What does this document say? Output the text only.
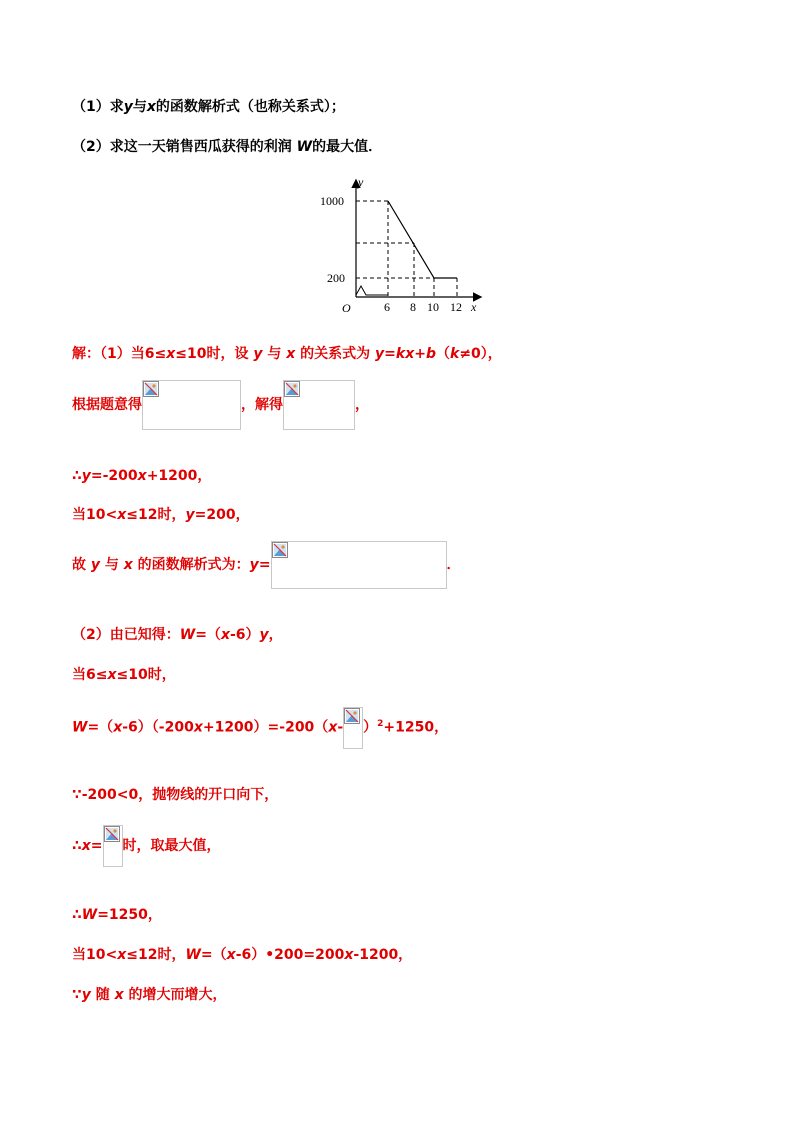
（1）求y与x的函数解析式（也称关系式）；
（2）求这一天销售西瓜获得的利润 W的最大值．
y
x
O
1000
200
6 8 10 12
解：（1）当6≤x≤10时，设 y 与 x 的关系式为 y=kx+b（k≠0），
根据题意得	，解得	，
∴y=-200x+1200，
当10<x≤12时，y=200，
故 y 与 x 的函数解析式为：y=	．
（2）由已知得：W=（x-6）y，
当6≤x≤10时，
W=（x-6）（-200x+1200）=-200（x- ）$^2$+1250，
∵-200<0，抛物线的开口向下，
∴x= 时，取最大值，
∴W=1250，
当10<x≤12时，W=（x-6）•200=200x-1200，
∵y 随 x 的增大而增大，
